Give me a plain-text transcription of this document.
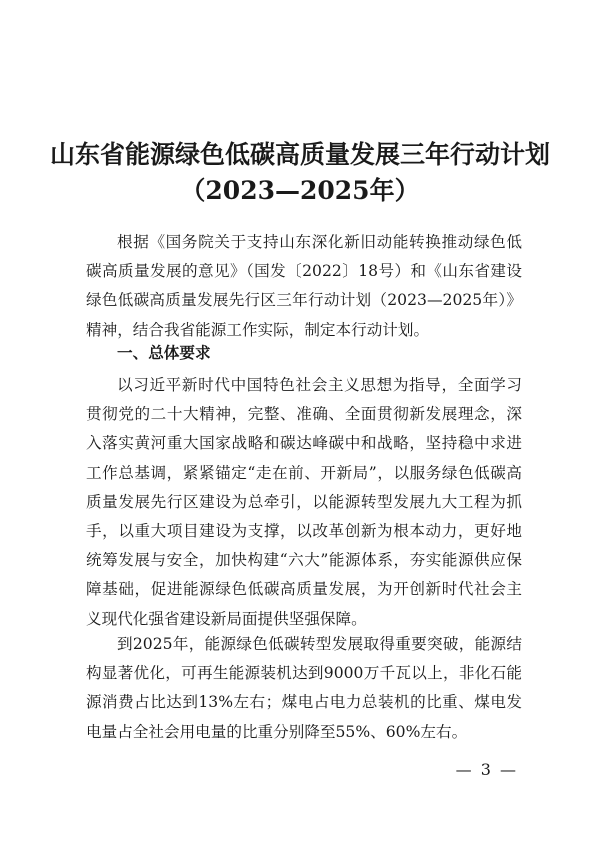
山东省能源绿色低碳高质量发展三年行动计划
（2023—2025年）

根据《国务院关于支持山东深化新旧动能转换推动绿色低碳高质量发展的意见》（国发〔2022〕18号）和《山东省建设绿色低碳高质量发展先行区三年行动计划（2023—2025年）》精神，结合我省能源工作实际，制定本行动计划。

一、总体要求

以习近平新时代中国特色社会主义思想为指导，全面学习贯彻党的二十大精神，完整、准确、全面贯彻新发展理念，深入落实黄河重大国家战略和碳达峰碳中和战略，坚持稳中求进工作总基调，紧紧锚定“走在前、开新局”，以服务绿色低碳高质量发展先行区建设为总牵引，以能源转型发展九大工程为抓手，以重大项目建设为支撑，以改革创新为根本动力，更好地统筹发展与安全，加快构建“六大”能源体系，夯实能源供应保障基础，促进能源绿色低碳高质量发展，为开创新时代社会主义现代化强省建设新局面提供坚强保障。

到2025年，能源绿色低碳转型发展取得重要突破，能源结构显著优化，可再生能源装机达到9000万千瓦以上，非化石能源消费占比达到13%左右；煤电占电力总装机的比重、煤电发电量占全社会用电量的比重分别降至55%、60%左右。

— 3 —
